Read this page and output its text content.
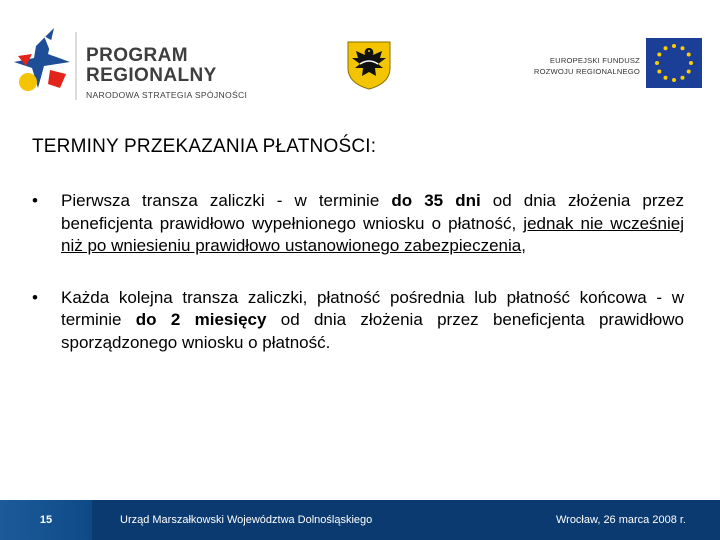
PROGRAM
REGIONALNY
NARODOWA STRATEGIA SPÓJNOŚCI
EUROPEJSKI FUNDUSZ
ROZWOJU REGIONALNEGO
TERMINY PRZEKAZANIA PŁATNOŚCI:
• Pierwsza transza zaliczki - w terminie do 35 dni od dnia złożenia przez beneficjenta prawidłowo wypełnionego wniosku o płatność, jednak nie wcześniej niż po wniesieniu prawidłowo ustanowionego zabezpieczenia,
• Każda kolejna transza zaliczki, płatność pośrednia lub płatność końcowa - w terminie do 2 miesięcy od dnia złożenia przez beneficjenta prawidłowo sporządzonego wniosku o płatność.
15	Urząd Marszałkowski Województwa Dolnośląskiego	Wrocław, 26 marca 2008 r.
